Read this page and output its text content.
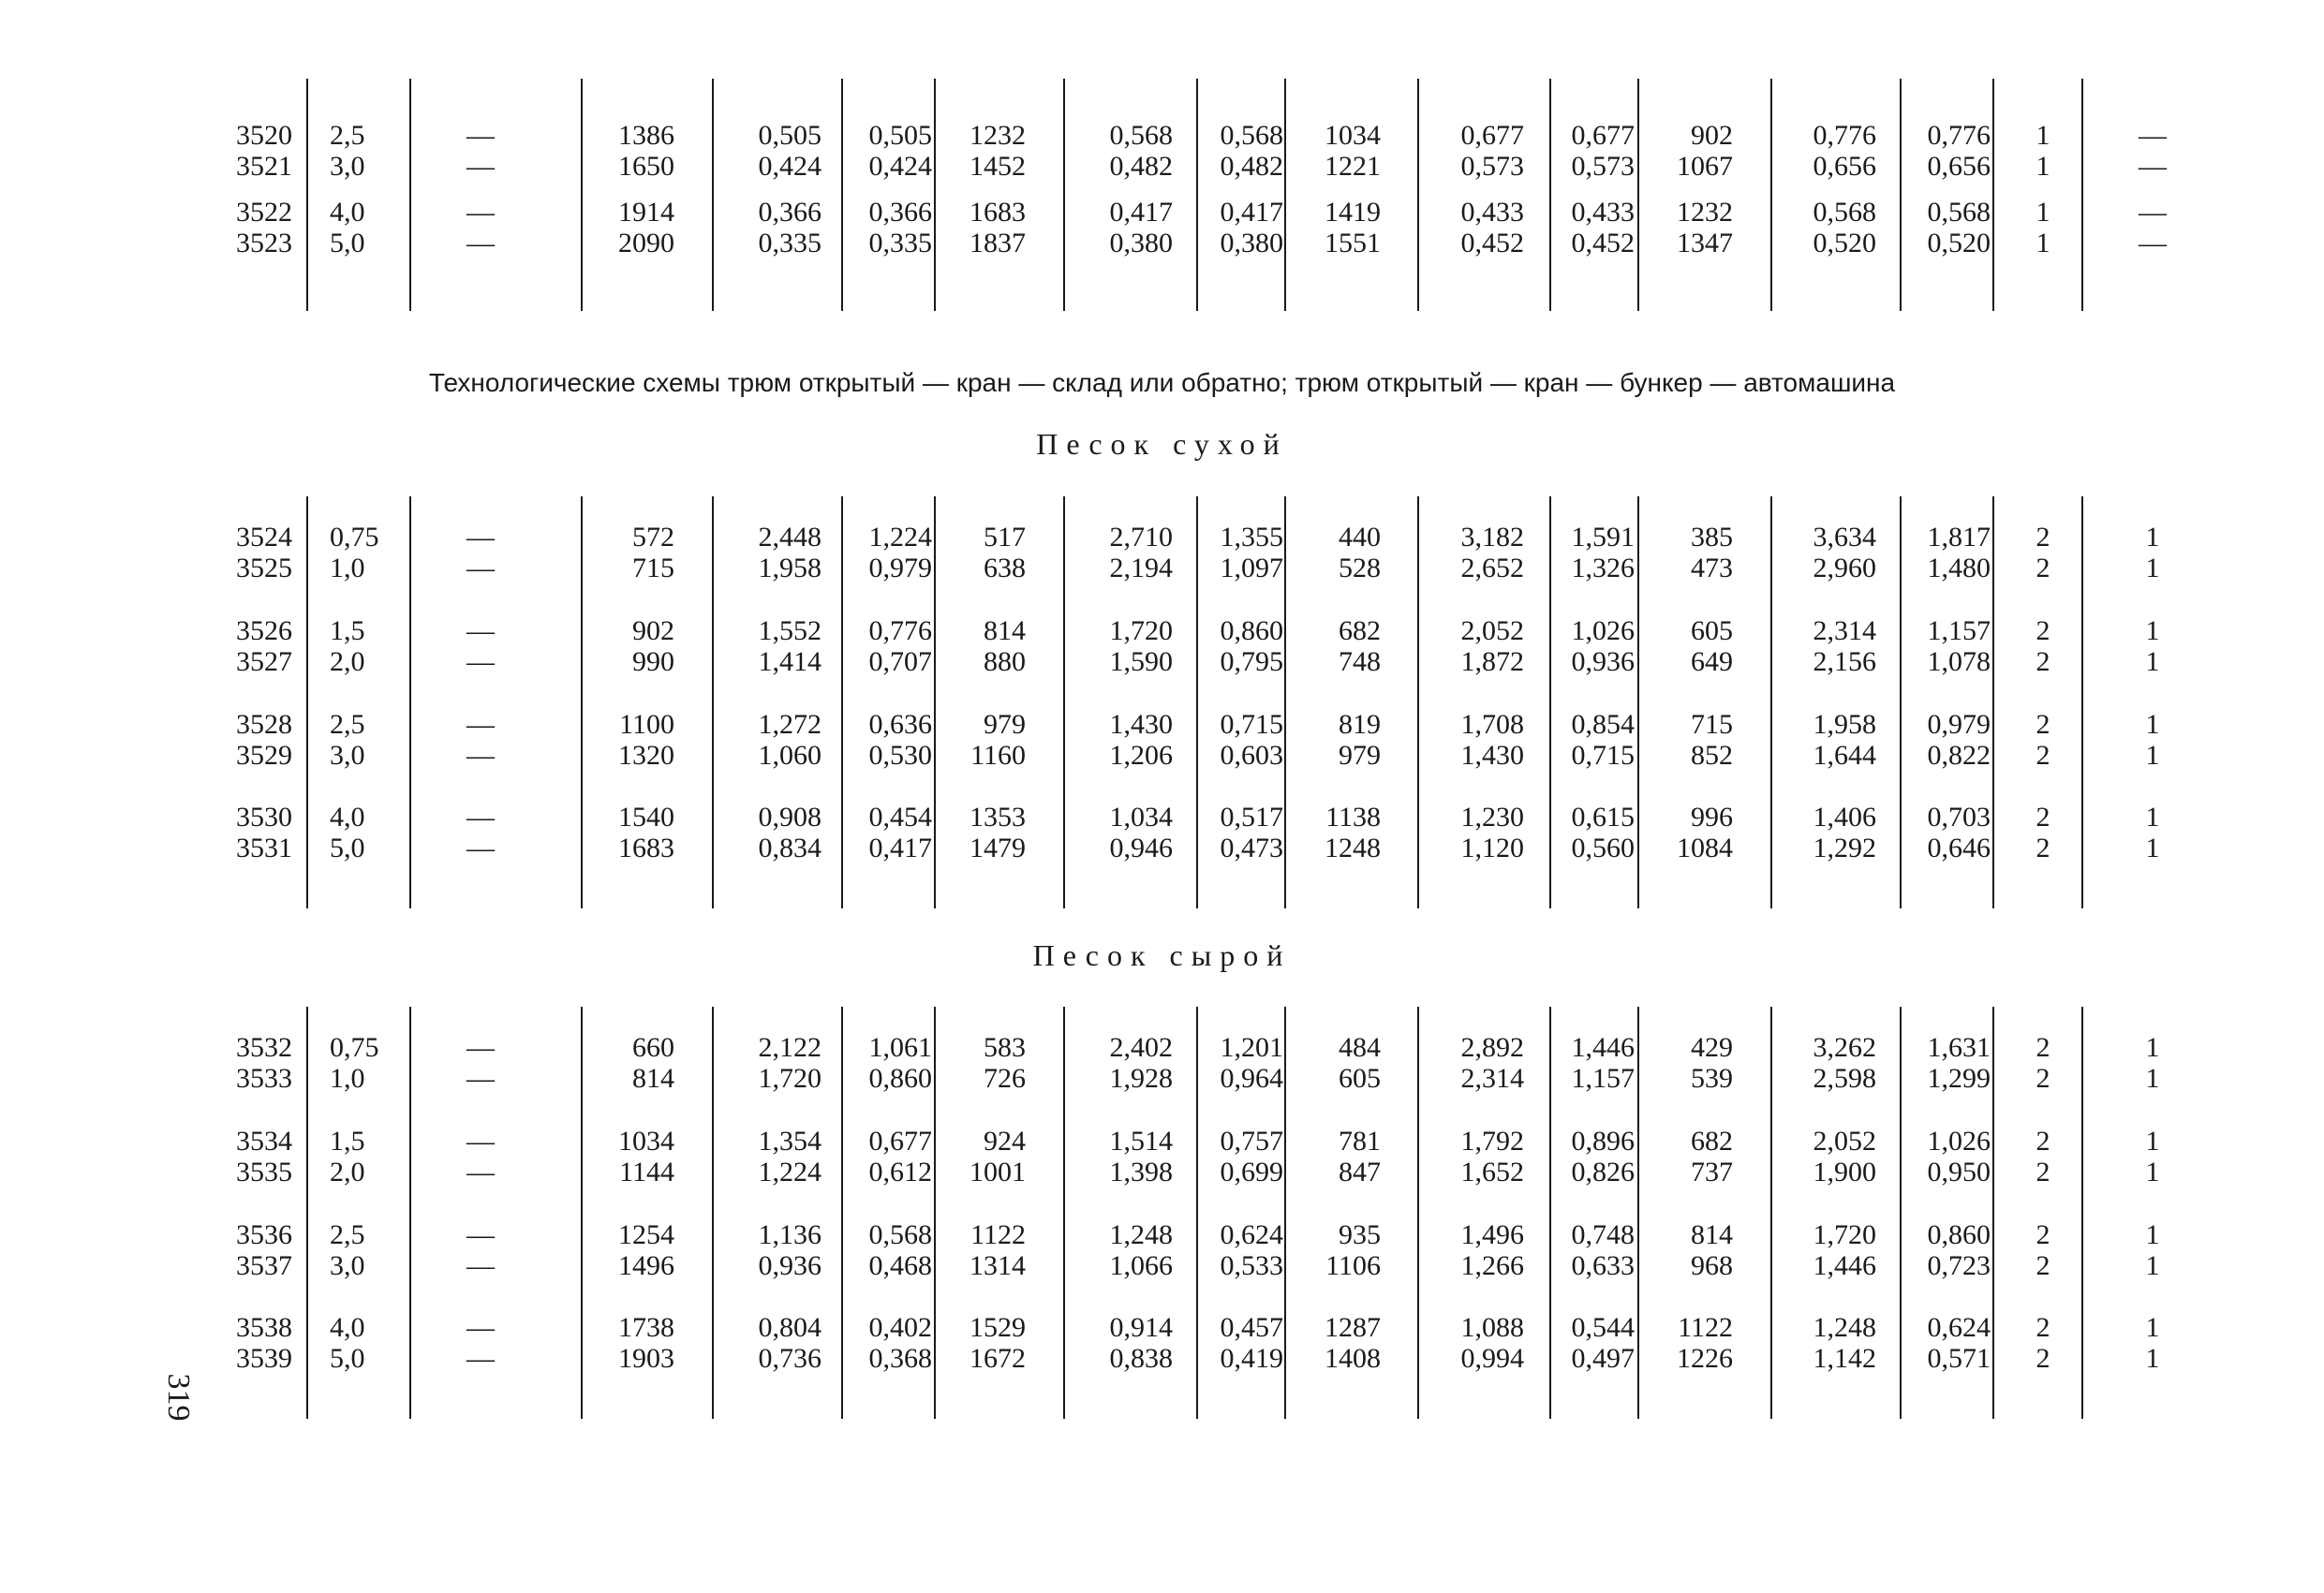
3520 2,5	—	1386	0,505	0,505	1232	0,568	0,568	1034	0,677	0,677	902	0,776	0,776	1	—
3521 3,0	—	1650	0,424	0,424	1452	0,482	0,482	1221	0,573	0,573	1067	0,656	0,656	1	—
3522 4,0	—	1914	0,366	0,366	1683	0,417	0,417	1419	0,433	0,433	1232	0,568	0,568	1	—
3523 5,0	—	2090	0,335	0,335	1837	0,380	0,380	1551	0,452	0,452	1347	0,520	0,520	1	—
Технологические схемы трюм открытый — кран — склад или обратно; трюм открытый — кран — бункер — автомашина
Песок сухой
3524 0,75	—	572	2,448	1,224	517	2,710	1,355	440	3,182	1,591	385	3,634	1,817	2	1
3525 1,0	—	715	1,958	0,979	638	2,194	1,097	528	2,652	1,326	473	2,960	1,480	2	1
3526 1,5	—	902	1,552	0,776	814	1,720	0,860	682	2,052	1,026	605	2,314	1,157	2	1
3527 2,0	—	990	1,414	0,707	880	1,590	0,795	748	1,872	0,936	649	2,156	1,078	2	1
3528 2,5	—	1100	1,272	0,636	979	1,430	0,715	819	1,708	0,854	715	1,958	0,979	2	1
3529 3,0	—	1320	1,060	0,530	1160	1,206	0,603	979	1,430	0,715	852	1,644	0,822	2	1
3530 4,0	—	1540	0,908	0,454	1353	1,034	0,517	1138	1,230	0,615	996	1,406	0,703	2	1
3531 5,0	—	1683	0,834	0,417	1479	0,946	0,473	1248	1,120	0,560	1084	1,292	0,646	2	1
Песок сырой
3532 0,75	—	660	2,122	1,061	583	2,402	1,201	484	2,892	1,446	429	3,262	1,631	2	1
3533 1,0	—	814	1,720	0,860	726	1,928	0,964	605	2,314	1,157	539	2,598	1,299	2	1
3534 1,5	—	1034	1,354	0,677	924	1,514	0,757	781	1,792	0,896	682	2,052	1,026	2	1
3535 2,0	—	1144	1,224	0,612	1001	1,398	0,699	847	1,652	0,826	737	1,900	0,950	2	1
3536 2,5	—	1254	1,136	0,568	1122	1,248	0,624	935	1,496	0,748	814	1,720	0,860	2	1
3537 3,0	—	1496	0,936	0,468	1314	1,066	0,533	1106	1,266	0,633	968	1,446	0,723	2	1
3538 4,0	—	1738	0,804	0,402	1529	0,914	0,457	1287	1,088	0,544	1122	1,248	0,624	2	1
3539 5,0	—	1903	0,736	0,368	1672	0,838	0,419	1408	0,994	0,497	1226	1,142	0,571	2	1
319
